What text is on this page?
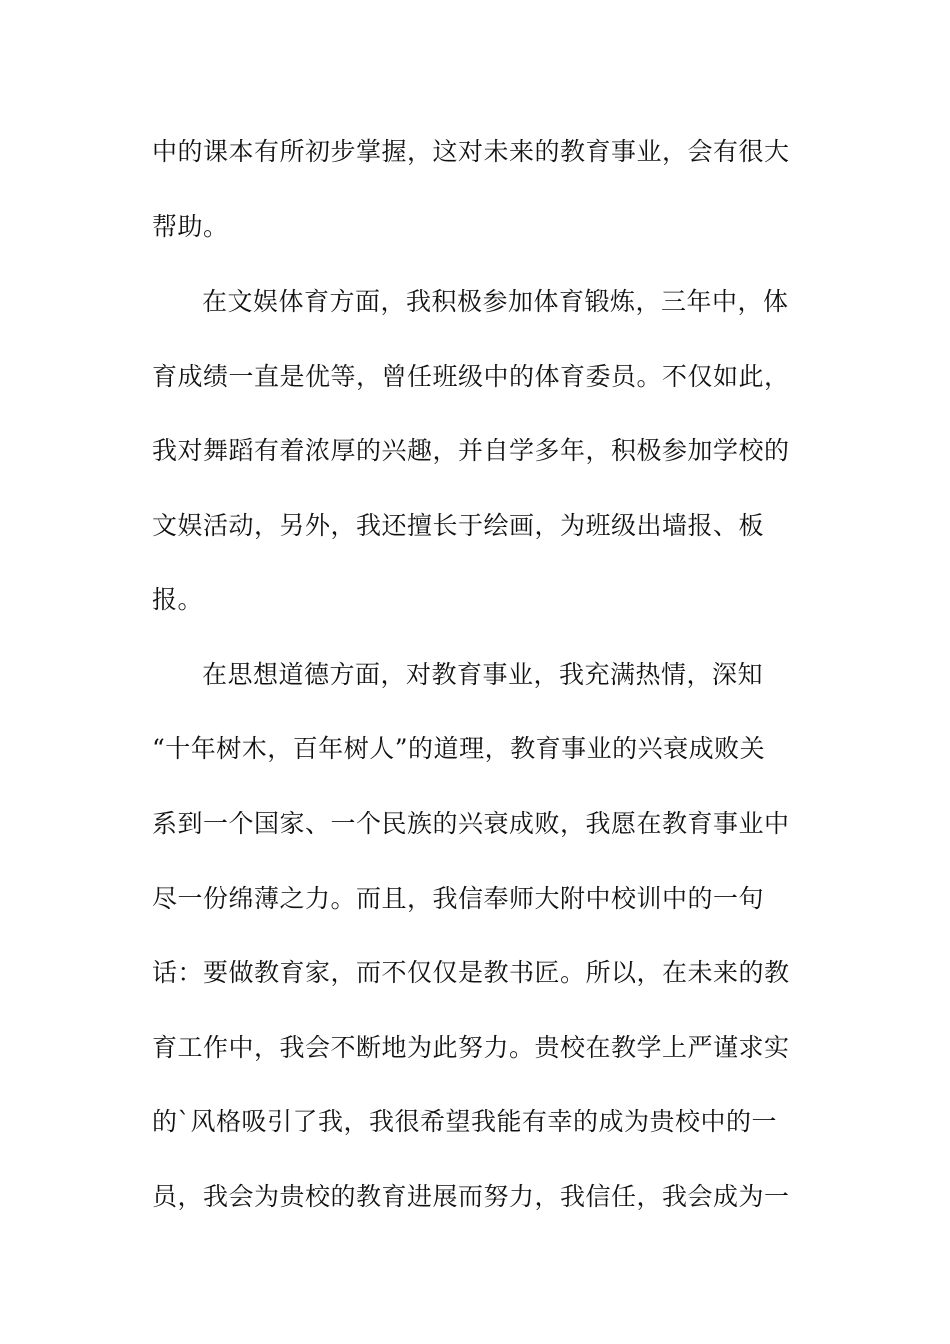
中的课本有所初步掌握，这对未来的教育事业，会有很大
帮助。
在文娱体育方面，我积极参加体育锻炼，三年中，体
育成绩一直是优等，曾任班级中的体育委员。不仅如此，
我对舞蹈有着浓厚的兴趣，并自学多年，积极参加学校的
文娱活动，另外，我还擅长于绘画，为班级出墙报、板
报。
在思想道德方面，对教育事业，我充满热情，深知
“十年树木，百年树人”的道理，教育事业的兴衰成败关
系到一个国家、一个民族的兴衰成败，我愿在教育事业中
尽一份绵薄之力。而且，我信奉师大附中校训中的一句
话：要做教育家，而不仅仅是教书匠。所以，在未来的教
育工作中，我会不断地为此努力。贵校在教学上严谨求实
的`风格吸引了我，我很希望我能有幸的成为贵校中的一
员，我会为贵校的教育进展而努力，我信任，我会成为一
